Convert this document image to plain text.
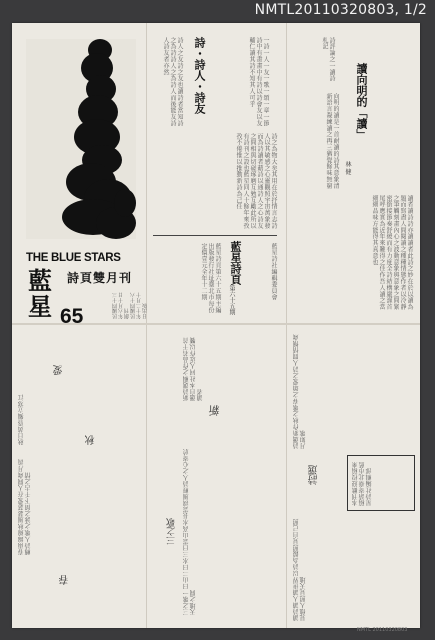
NMTL20110320803, 1/2
THE BLUE STARS
詩頁雙月刊
藍
星 65	民國四十三年六月十日創刊
民國四十六年十二月十日出版
詩人之友詩之友也讀詩者當知詩之為詩詩人之為詩人而後能友詩人詩友者亦然	一詩一人一友一歌一頌一章一節詩中有畫畫中有詩以詩會友以友輔仁讀其詩不知其人可乎
詩・詩人・詩友
詩之為物大矣其用在於抒情言志詩人以其敏感之心靈觀照宇宙萬象發而為詩讀者藉詩以通詩人之心詩友之間相與切磋琢磨互勉互勵此所以有詩刊之設也藍星同人十餘年來孜孜不倦惟以推動新詩為己任
藍星詩頁第六十五期主編出版發行社址臺北市每份定價壹元全年十二期	藍星詩頁
第六十五期	藍星詩社編輯委員會
詩評論之一讀詩札記
讀向明的「讀」
林 健
向明的讀是一首耐讀的詩其意象清新語言凝練讀之再三猶覺餘味無窮
讀者讀詩詩亦讀讀者此詩之妙在於以讀為題而寫盡人間閱讀之種種情態作者以冷靜之筆觸刻畫內心之波動意象與意象之間緊密銜接節奏舒緩而有力度全詩結構嚴謹首尾呼應實為近年來難得之佳作吾人讀之當細細品味方能得其真意也
愛
秋
春
春雨綿綿秋風瑟瑟愛在人間歲月流轉詩人歌之詠之留下千古之情
秋日黃昏獨立寒江	新
三之歌
新詩選輯之作品若干首選自本社同人近作以饗讀者
三之歌一曰山二曰水三曰雲山高水長雲淡風輕詩人之心寄於天地之間
本刊歡迎投稿來稿請寄臺北市藍星詩社編輯部
詩選新作秋之歌春之頌愛之詩人間情懷歲月如歌
讀詩讀人讀世界以詩為鏡照見自己照見他人照見天地
詩選
NMTL 20110320803
